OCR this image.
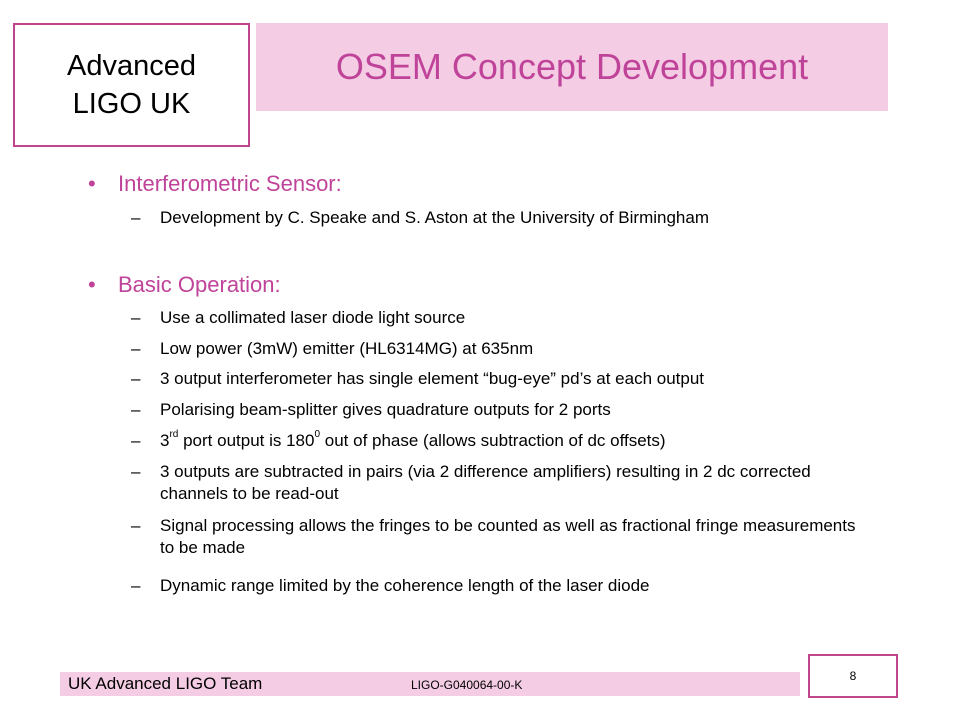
Advanced
LIGO UK
OSEM Concept Development
• Interferometric Sensor:
– Development by C. Speake and S. Aston at the University of Birmingham
• Basic Operation:
– Use a collimated laser diode light source
– Low power (3mW) emitter (HL6314MG) at 635nm
– 3 output interferometer has single element “bug-eye” pd’s at each output
– Polarising beam-splitter gives quadrature outputs for 2 ports
– 3rd port output is $180^0$ out of phase (allows subtraction of dc offsets)
– 3 outputs are subtracted in pairs (via 2 difference amplifiers) resulting in 2 dc corrected channels to be read-out
– Signal processing allows the fringes to be counted as well as fractional fringe measurements to be made
– Dynamic range limited by the coherence length of the laser diode
UK Advanced LIGO Team	LIGO-G040064-00-K
8
